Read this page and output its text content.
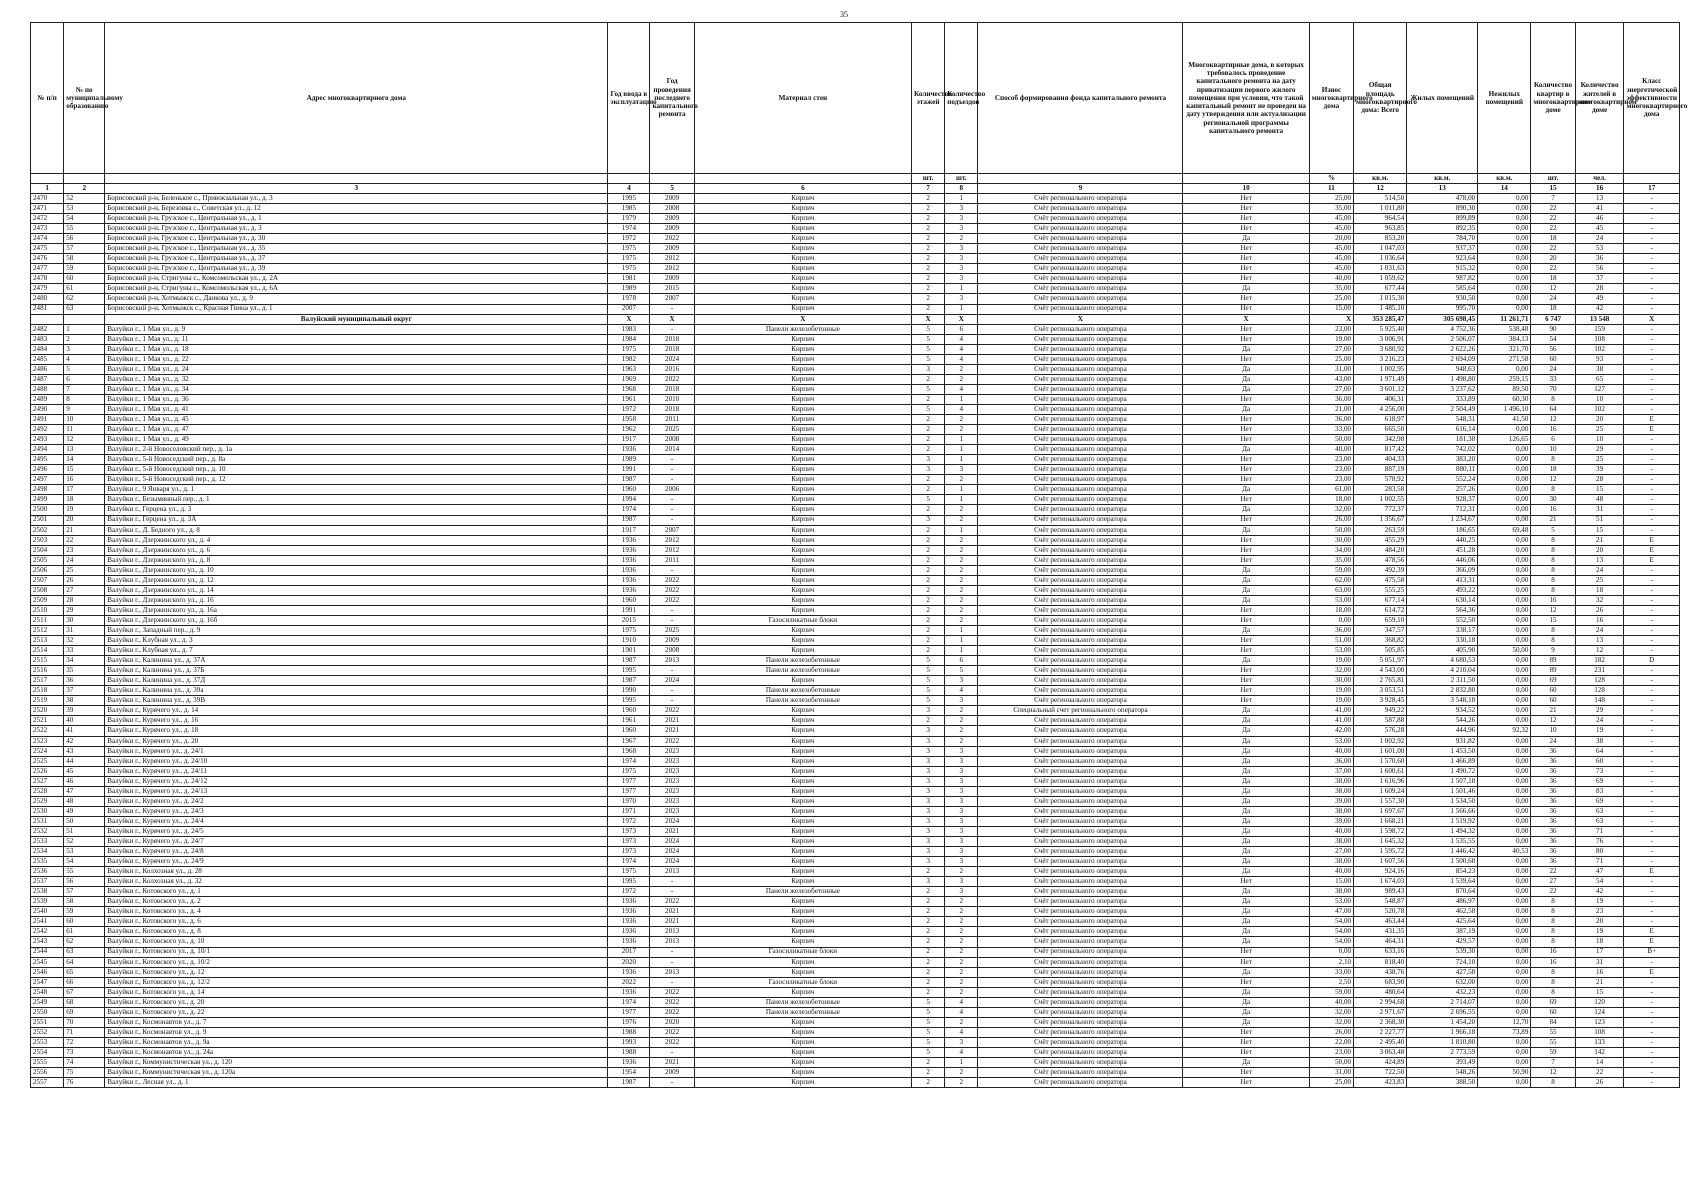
35
№ п/п	№ по муниципальному образованию	Адрес многоквартирного дома	Год ввода в эксплуатацию	Год проведения последнего капитального ремонта	Материал стен	Количество этажей	Количество подъездов	Способ формирования фонда капитального ремонта	Многоквартирные дома, в которых требовалось проведение капитального ремонта на дату приватизации первого жилого помещения при условии, что такой капитальный ремонт не проведен на дату утверждения или актуализации региональной программы капитального ремонта	Износ многоквартирного дома	Общая площадь многоквартирного дома: Всего	Жилых помещений	Нежилых помещений	Количество квартир в многоквартирном доме	Количество жителей в многоквартирном доме	Класс энергетической эффективности многоквартирного дома
						шт.	шт.			%	кв.м.	кв.м.	кв.м.	шт.	чел.	
1	2	3	4	5	6	7	8	9	10	11	12	13	14	15	16	17
2470	52	Борисовский р-н, Беленькое с., Привокзальная ул., д. 3	1995	2009	Кирпич	2	1	Счёт регионального оператора	Нет	25,00	514,50	478,00	0,00	7	13	-
2471	53	Борисовский р-н, Березовка с., Советская ул., д. 12	1985	2008	Кирпич	2	3	Счёт регионального оператора	Нет	35,00	1 011,80	890,30	0,00	22	41	-
2472	54	Борисовский р-н, Грузское с., Центральная ул., д. 1	1979	2009	Кирпич	2	3	Счёт регионального оператора	Нет	45,00	964,54	899,89	0,00	22	46	-
2473	55	Борисовский р-н, Грузское с., Центральная ул., д. 3	1974	2009	Кирпич	2	3	Счёт регионального оператора	Нет	45,00	963,85	892,35	0,00	22	45	-
2474	56	Борисовский р-н, Грузское с., Центральная ул., д. 30	1972	2022	Кирпич	2	2	Счёт регионального оператора	Да	20,00	853,20	784,70	0,00	18	24	-
2475	57	Борисовский р-н, Грузское с., Центральная ул., д. 35	1975	2009	Кирпич	2	3	Счёт регионального оператора	Нет	45,00	1 047,03	937,37	0,00	22	53	-
2476	58	Борисовский р-н, Грузское с., Центральная ул., д. 37	1975	2012	Кирпич	2	3	Счёт регионального оператора	Нет	45,00	1 036,64	923,64	0,00	20	36	-
2477	59	Борисовский р-н, Грузское с., Центральная ул., д. 39	1975	2012	Кирпич	2	3	Счёт регионального оператора	Нет	45,00	1 031,63	915,32	0,00	22	56	-
2478	60	Борисовский р-н, Стригуны с., Комсомольская ул., д. 2А	1981	2009	Кирпич	2	3	Счёт регионального оператора	Нет	40,00	1 059,62	987,82	0,00	18	37	-
2479	61	Борисовский р-н, Стригуны с., Комсомольская ул., д. 6А	1989	2015	Кирпич	2	1	Счёт регионального оператора	Да	35,00	677,44	585,64	0,00	12	28	-
2480	62	Борисовский р-н, Хотмыжск с., Данкова ул., д. 9	1978	2007	Кирпич	2	3	Счёт регионального оператора	Нет	25,00	1 015,30	930,50	0,00	24	49	-
2481	63	Борисовский р-н, Хотмыжск с., Красная Гвина ул., д. 1	2007	-	Кирпич	2	1	Счёт регионального оператора	Нет	15,00	1 485,10	995,70	0,00	18	42	-
		Валуйский муниципальный округ	X	X	X	X	X	X	X	X	353 285,47	305 698,45	11 261,71	6 747	13 548	X
2482	1	Валуйки г., 1 Мая ул., д. 9	1983	-	Панели железобетонные	5	6	Счёт регионального оператора	Нет	23,00	5 925,40	4 752,36	538,48	90	159	-
2483	2	Валуйки г., 1 Мая ул., д. 11	1984	2018	Кирпич	5	4	Счёт регионального оператора	Нет	19,00	3 006,91	2 506,07	384,13	54	108	-
2484	3	Валуйки г., 1 Мая ул., д. 18	1975	2018	Кирпич	5	4	Счёт регионального оператора	Да	27,00	3 680,92	2 622,26	321,70	56	102	-
2485	4	Валуйки г., 1 Мая ул., д. 22	1982	2024	Кирпич	5	4	Счёт регионального оператора	Нет	25,00	3 216,23	2 694,09	271,58	60	93	-
2486	5	Валуйки г., 1 Мая ул., д. 24	1963	2016	Кирпич	3	2	Счёт регионального оператора	Да	31,00	1 002,95	948,63	0,00	24	38	-
2487	6	Валуйки г., 1 Мая ул., д. 32	1969	2022	Кирпич	2	2	Счёт регионального оператора	Да	43,00	1 971,49	1 498,80	259,15	33	65	-
2488	7	Валуйки г., 1 Мая ул., д. 34	1968	2018	Кирпич	5	4	Счёт регионального оператора	Да	27,00	3 601,12	3 237,62	89,50	70	127	-
2489	8	Валуйки г., 1 Мая ул., д. 36	1961	2010	Кирпич	2	1	Счёт регионального оператора	Нет	36,00	406,31	333,89	60,30	8	10	-
2490	9	Валуйки г., 1 Мая ул., д. 41	1972	2018	Кирпич	5	4	Счёт регионального оператора	Да	21,00	4 256,00	2 504,49	1 496,10	64	102	-
2491	10	Валуйки г., 1 Мая ул., д. 45	1958	2011	Кирпич	2	2	Счёт регионального оператора	Нет	36,00	618,97	548,31	41,50	12	20	E
2492	11	Валуйки г., 1 Мая ул., д. 47	1962	2025	Кирпич	2	2	Счёт регионального оператора	Нет	33,00	665,50	616,14	0,00	16	25	E
2493	12	Валуйки г., 1 Мая ул., д. 49	1917	2008	Кирпич	2	1	Счёт регионального оператора	Нет	50,00	342,98	181,38	126,65	6	10	-
2494	13	Валуйки г., 2-й Новоселовский пер., д. 1а	1936	2014	Кирпич	2	1	Счёт регионального оператора	Да	40,00	817,42	742,02	0,00	10	29	-
2495	14	Валуйки г., 5-й Новоседский пер., д. 8а	1989	-	Кирпич	3	1	Счёт регионального оператора	Нет	23,00	404,33	383,20	0,00	8	25	-
2496	15	Валуйки г., 5-й Новоседский пер., д. 10	1991	-	Кирпич	3	3	Счёт регионального оператора	Нет	23,00	887,19	880,11	0,00	18	39	-
2497	16	Валуйки г., 5-й Новоседский пер., д. 12	1987	-	Кирпич	2	2	Счёт регионального оператора	Нет	23,00	578,92	552,24	0,00	12	28	-
2498	17	Валуйки г., 9 Января ул., д. 1	1960	2006	Кирпич	2	1	Счёт регионального оператора	Да	61,00	283,58	257,26	0,00	8	15	-
2499	18	Валуйки г., Безымянный пер., д. 1	1994	-	Кирпич	5	1	Счёт регионального оператора	Нет	18,00	1 002,55	928,37	0,00	30	48	-
2500	19	Валуйки г., Герцена ул., д. 3	1974	-	Кирпич	2	2	Счёт регионального оператора	Да	32,00	772,37	712,31	0,00	16	31	-
2501	20	Валуйки г., Герцена ул., д. 3А	1987	-	Кирпич	3	2	Счёт регионального оператора	Нет	26,00	1 356,67	1 234,67	0,00	21	51	-
2502	21	Валуйки г., Д. Бедного ул., д. 8	1917	2007	Кирпич	2	1	Счёт регионального оператора	Да	50,00	263,59	186,65	69,48	5	15	-
2503	22	Валуйки г., Дзержинского ул., д. 4	1936	2012	Кирпич	2	2	Счёт регионального оператора	Нет	30,00	455,29	440,25	0,00	8	21	E
2504	23	Валуйки г., Дзержинского ул., д. 6	1936	2012	Кирпич	2	2	Счёт регионального оператора	Нет	34,00	484,20	451,28	0,00	8	20	E
2505	24	Валуйки г., Дзержинского ул., д. 8	1936	2011	Кирпич	2	2	Счёт регионального оператора	Нет	35,00	478,56	446,06	0,00	8	13	E
2506	25	Валуйки г., Дзержинского ул., д. 10	1936	-	Кирпич	2	2	Счёт регионального оператора	Да	59,00	492,39	366,09	0,00	8	24	-
2507	26	Валуйки г., Дзержинского ул., д. 12	1936	2022	Кирпич	2	2	Счёт регионального оператора	Да	62,00	475,58	413,31	0,00	8	25	-
2508	27	Валуйки г., Дзержинского ул., д. 14	1936	2022	Кирпич	2	2	Счёт регионального оператора	Да	63,00	555,25	493,22	0,00	8	18	-
2509	28	Валуйки г., Дзержинского ул., д. 16	1960	2022	Кирпич	2	2	Счёт регионального оператора	Да	53,00	677,14	630,14	0,00	16	32	-
2510	29	Валуйки г., Дзержинского ул., д. 16а	1991	-	Кирпич	2	2	Счёт регионального оператора	Нет	18,00	614,72	564,36	0,00	12	26	-
2511	30	Валуйки г., Дзержинского ул., д. 16б	2015	-	Газосиликатные блоки	2	2	Счёт регионального оператора	Нет	0,00	659,10	552,50	0,00	15	16	-
2512	31	Валуйки г., Западный пер., д. 9	1975	2025	Кирпич	2	1	Счёт регионального оператора	Да	36,00	347,57	338,17	0,00	8	24	-
2513	32	Валуйки г., Клубная ул., д. 3	1910	2009	Кирпич	2	1	Счёт регионального оператора	Нет	51,00	368,82	330,18	0,00	8	13	-
2514	33	Валуйки г., Клубная ул., д. 7	1901	2008	Кирпич	2	1	Счёт регионального оператора	Нет	53,00	505,85	405,90	50,00	9	12	-
2515	34	Валуйки г., Калинина ул., д. 37А	1987	2013	Панели железобетонные	5	6	Счёт регионального оператора	Да	19,00	5 051,97	4 680,53	0,00	89	182	D
2516	35	Валуйки г., Калинина ул., д. 37Б	1995	-	Панели железобетонные	5	5	Счёт регионального оператора	Нет	32,00	4 543,00	4 210,04	0,00	89	231	-
2517	36	Валуйки г., Калинина ул., д. 37Д	1987	2024	Кирпич	5	3	Счёт регионального оператора	Нет	30,00	2 765,81	2 311,50	0,00	69	128	-
2518	37	Валуйки г., Калинина ул., д. 39а	1990	-	Панели железобетонные	5	4	Счёт регионального оператора	Нет	19,00	3 053,51	2 832,80	0,00	60	128	-
2519	38	Валуйки г., Калинина ул., д. 39В	1995	-	Панели железобетонные	5	3	Счёт регионального оператора	Нет	19,00	3 928,45	3 548,18	0,00	60	148	-
2520	39	Валуйки г., Курячего ул., д. 14	1960	2022	Кирпич	3	2	Специальный счет регионального оператора	Да	41,00	949,22	934,52	0,00	21	29	-
2521	40	Валуйки г., Курячего ул., д. 16	1961	2021	Кирпич	2	2	Счёт регионального оператора	Да	41,00	587,88	544,26	0,00	12	24	-
2522	41	Валуйки г., Курячего ул., д. 18	1960	2021	Кирпич	3	2	Счёт регионального оператора	Да	42,00	576,28	444,96	92,32	10	19	-
2523	42	Валуйки г., Курячего ул., д. 20	1967	2022	Кирпич	3	2	Счёт регионального оператора	Да	53,00	1 002,92	931,82	0,00	24	38	-
2524	43	Валуйки г., Курячего ул., д. 24/1	1968	2023	Кирпич	3	3	Счёт регионального оператора	Да	40,00	1 601,00	1 453,50	0,00	36	64	-
2525	44	Валуйки г., Курячего ул., д. 24/10	1974	2023	Кирпич	3	3	Счёт регионального оператора	Да	36,00	1 570,60	1 466,89	0,00	36	60	-
2526	45	Валуйки г., Курячего ул., д. 24/11	1975	2023	Кирпич	3	3	Счёт регионального оператора	Да	37,00	1 600,61	1 490,72	0,00	36	73	-
2527	46	Валуйки г., Курячего ул., д. 24/12	1977	2023	Кирпич	3	3	Счёт регионального оператора	Да	38,00	1 616,96	1 507,18	0,00	36	69	-
2528	47	Валуйки г., Курячего ул., д. 24/13	1977	2023	Кирпич	3	3	Счёт регионального оператора	Да	38,00	1 609,24	1 501,46	0,00	36	83	-
2529	48	Валуйки г., Курячего ул., д. 24/2	1970	2023	Кирпич	3	3	Счёт регионального оператора	Да	39,00	1 557,30	1 534,50	0,00	36	69	-
2530	49	Валуйки г., Курячего ул., д. 24/3	1971	2023	Кирпич	3	3	Счёт регионального оператора	Да	38,00	1 697,67	1 566,66	0,00	36	63	-
2531	50	Валуйки г., Курячего ул., д. 24/4	1972	2024	Кирпич	3	3	Счёт регионального оператора	Да	39,00	1 668,21	1 519,92	0,00	36	63	-
2532	51	Валуйки г., Курячего ул., д. 24/5	1973	2021	Кирпич	3	3	Счёт регионального оператора	Да	40,00	1 598,72	1 494,32	0,00	36	71	-
2533	52	Валуйки г., Курячего ул., д. 24/7	1973	2024	Кирпич	3	3	Счёт регионального оператора	Да	38,00	1 645,32	1 535,55	0,00	36	76	-
2534	53	Валуйки г., Курячего ул., д. 24/8	1973	2024	Кирпич	3	3	Счёт регионального оператора	Да	27,00	1 595,72	1 446,42	40,53	36	80	-
2535	54	Валуйки г., Курячего ул., д. 24/9	1974	2024	Кирпич	3	3	Счёт регионального оператора	Да	38,00	1 607,56	1 500,68	0,00	36	71	-
2536	55	Валуйки г., Колхозная ул., д. 28	1975	2013	Кирпич	2	2	Счёт регионального оператора	Да	40,00	924,16	854,23	0,00	22	47	E
2537	56	Валуйки г., Колхозная ул., д. 32	1995	-	Кирпич	3	3	Счёт регионального оператора	Нет	15,00	1 674,03	1 539,64	0,00	27	54	-
2538	57	Валуйки г., Котовского ул., д. 1	1972	-	Панели железобетонные	2	3	Счёт регионального оператора	Да	38,00	989,43	870,64	0,00	22	42	-
2539	58	Валуйки г., Котовского ул., д. 2	1936	2022	Кирпич	2	2	Счёт регионального оператора	Да	53,00	548,87	486,97	0,00	8	19	-
2540	59	Валуйки г., Котовского ул., д. 4	1936	2021	Кирпич	2	2	Счёт регионального оператора	Да	47,00	520,78	462,58	0,00	8	23	-
2541	60	Валуйки г., Котовского ул., д. 6	1936	2021	Кирпич	2	2	Счёт регионального оператора	Да	54,00	463,44	425,64	0,00	8	20	-
2542	61	Валуйки г., Котовского ул., д. 8	1936	2013	Кирпич	2	2	Счёт регионального оператора	Да	54,00	431,35	387,19	0,00	8	19	E
2543	62	Валуйки г., Котовского ул., д. 10	1936	2013	Кирпич	2	2	Счёт регионального оператора	Да	54,00	464,31	429,57	0,00	8	18	E
2544	63	Валуйки г., Котовского ул., д. 10/1	2017	-	Газосиликатные блоки	2	2	Счёт регионального оператора	Нет	0,00	633,16	539,30	0,00	16	17	B+
2545	64	Валуйки г., Котовского ул., д. 10/2	2020	-	Кирпич	2	2	Счёт регионального оператора	Нет	2,10	818,40	724,10	0,00	16	31	-
2546	65	Валуйки г., Котовского ул., д. 12	1936	2013	Кирпич	2	2	Счёт регионального оператора	Да	33,00	438,76	427,58	0,00	8	16	E
2547	66	Валуйки г., Котовского ул., д. 12/2	2022	-	Газосиликатные блоки	2	2	Счёт регионального оператора	Нет	2,50	683,90	632,00	0,00	8	21	-
2548	67	Валуйки г., Котовского ул., д. 14	1936	2022	Кирпич	2	2	Счёт регионального оператора	Да	59,00	480,64	432,23	0,00	8	15	-
2549	68	Валуйки г., Котовского ул., д. 20	1974	2022	Панели железобетонные	5	4	Счёт регионального оператора	Да	40,00	2 994,68	2 714,07	0,00	69	120	-
2550	69	Валуйки г., Котовского ул., д. 22	1977	2022	Панели железобетонные	5	4	Счёт регионального оператора	Да	32,00	2 971,67	2 696,55	0,00	60	124	-
2551	70	Валуйки г., Космонавтов ул., д. 7	1976	2020	Кирпич	5	2	Счёт регионального оператора	Да	32,00	2 368,30	1 454,20	12,70	84	123	-
2552	71	Валуйки г., Космонавтов ул., д. 9	1988	2022	Кирпич	5	4	Счёт регионального оператора	Нет	26,00	2 227,77	1 966,18	73,89	55	108	-
2553	72	Валуйки г., Космонавтов ул., д. 9а	1993	2022	Кирпич	5	3	Счёт регионального оператора	Нет	22,00	2 495,40	1 810,80	0,00	55	133	-
2554	73	Валуйки г., Космонавтов ул., д. 24а	1988	-	Кирпич	5	4	Счёт регионального оператора	Нет	23,00	3 063,48	2 773,59	0,00	59	142	-
2555	74	Валуйки г., Коммунистическая ул., д. 120	1936	2021	Кирпич	2	1	Счёт регионального оператора	Да	50,00	424,89	393,49	0,00	7	14	-
2556	75	Валуйки г., Коммунистическая ул., д. 120а	1954	2009	Кирпич	2	2	Счёт регионального оператора	Нет	31,00	722,50	548,26	50,90	12	22	-
2557	76	Валуйки г., Лесная ул., д. 1	1987	-	Кирпич	2	2	Счёт регионального оператора	Нет	25,00	423,83	388,50	0,00	8	26	-
